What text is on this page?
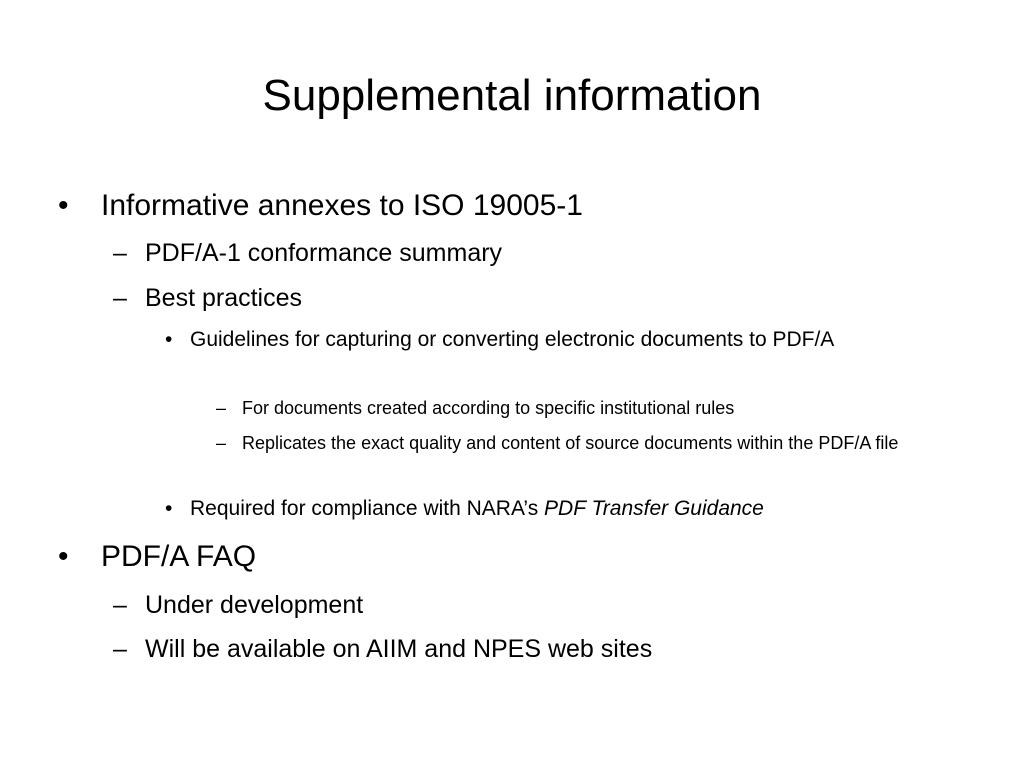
Supplemental information
• Informative annexes to ISO 19005-1
– PDF/A-1 conformance summary
– Best practices
• Guidelines for capturing or converting electronic documents to PDF/A
– For documents created according to specific institutional rules
– Replicates the exact quality and content of source documents within the PDF/A file
• Required for compliance with NARA’s PDF Transfer Guidance
• PDF/A FAQ
– Under development
– Will be available on AIIM and NPES web sites
